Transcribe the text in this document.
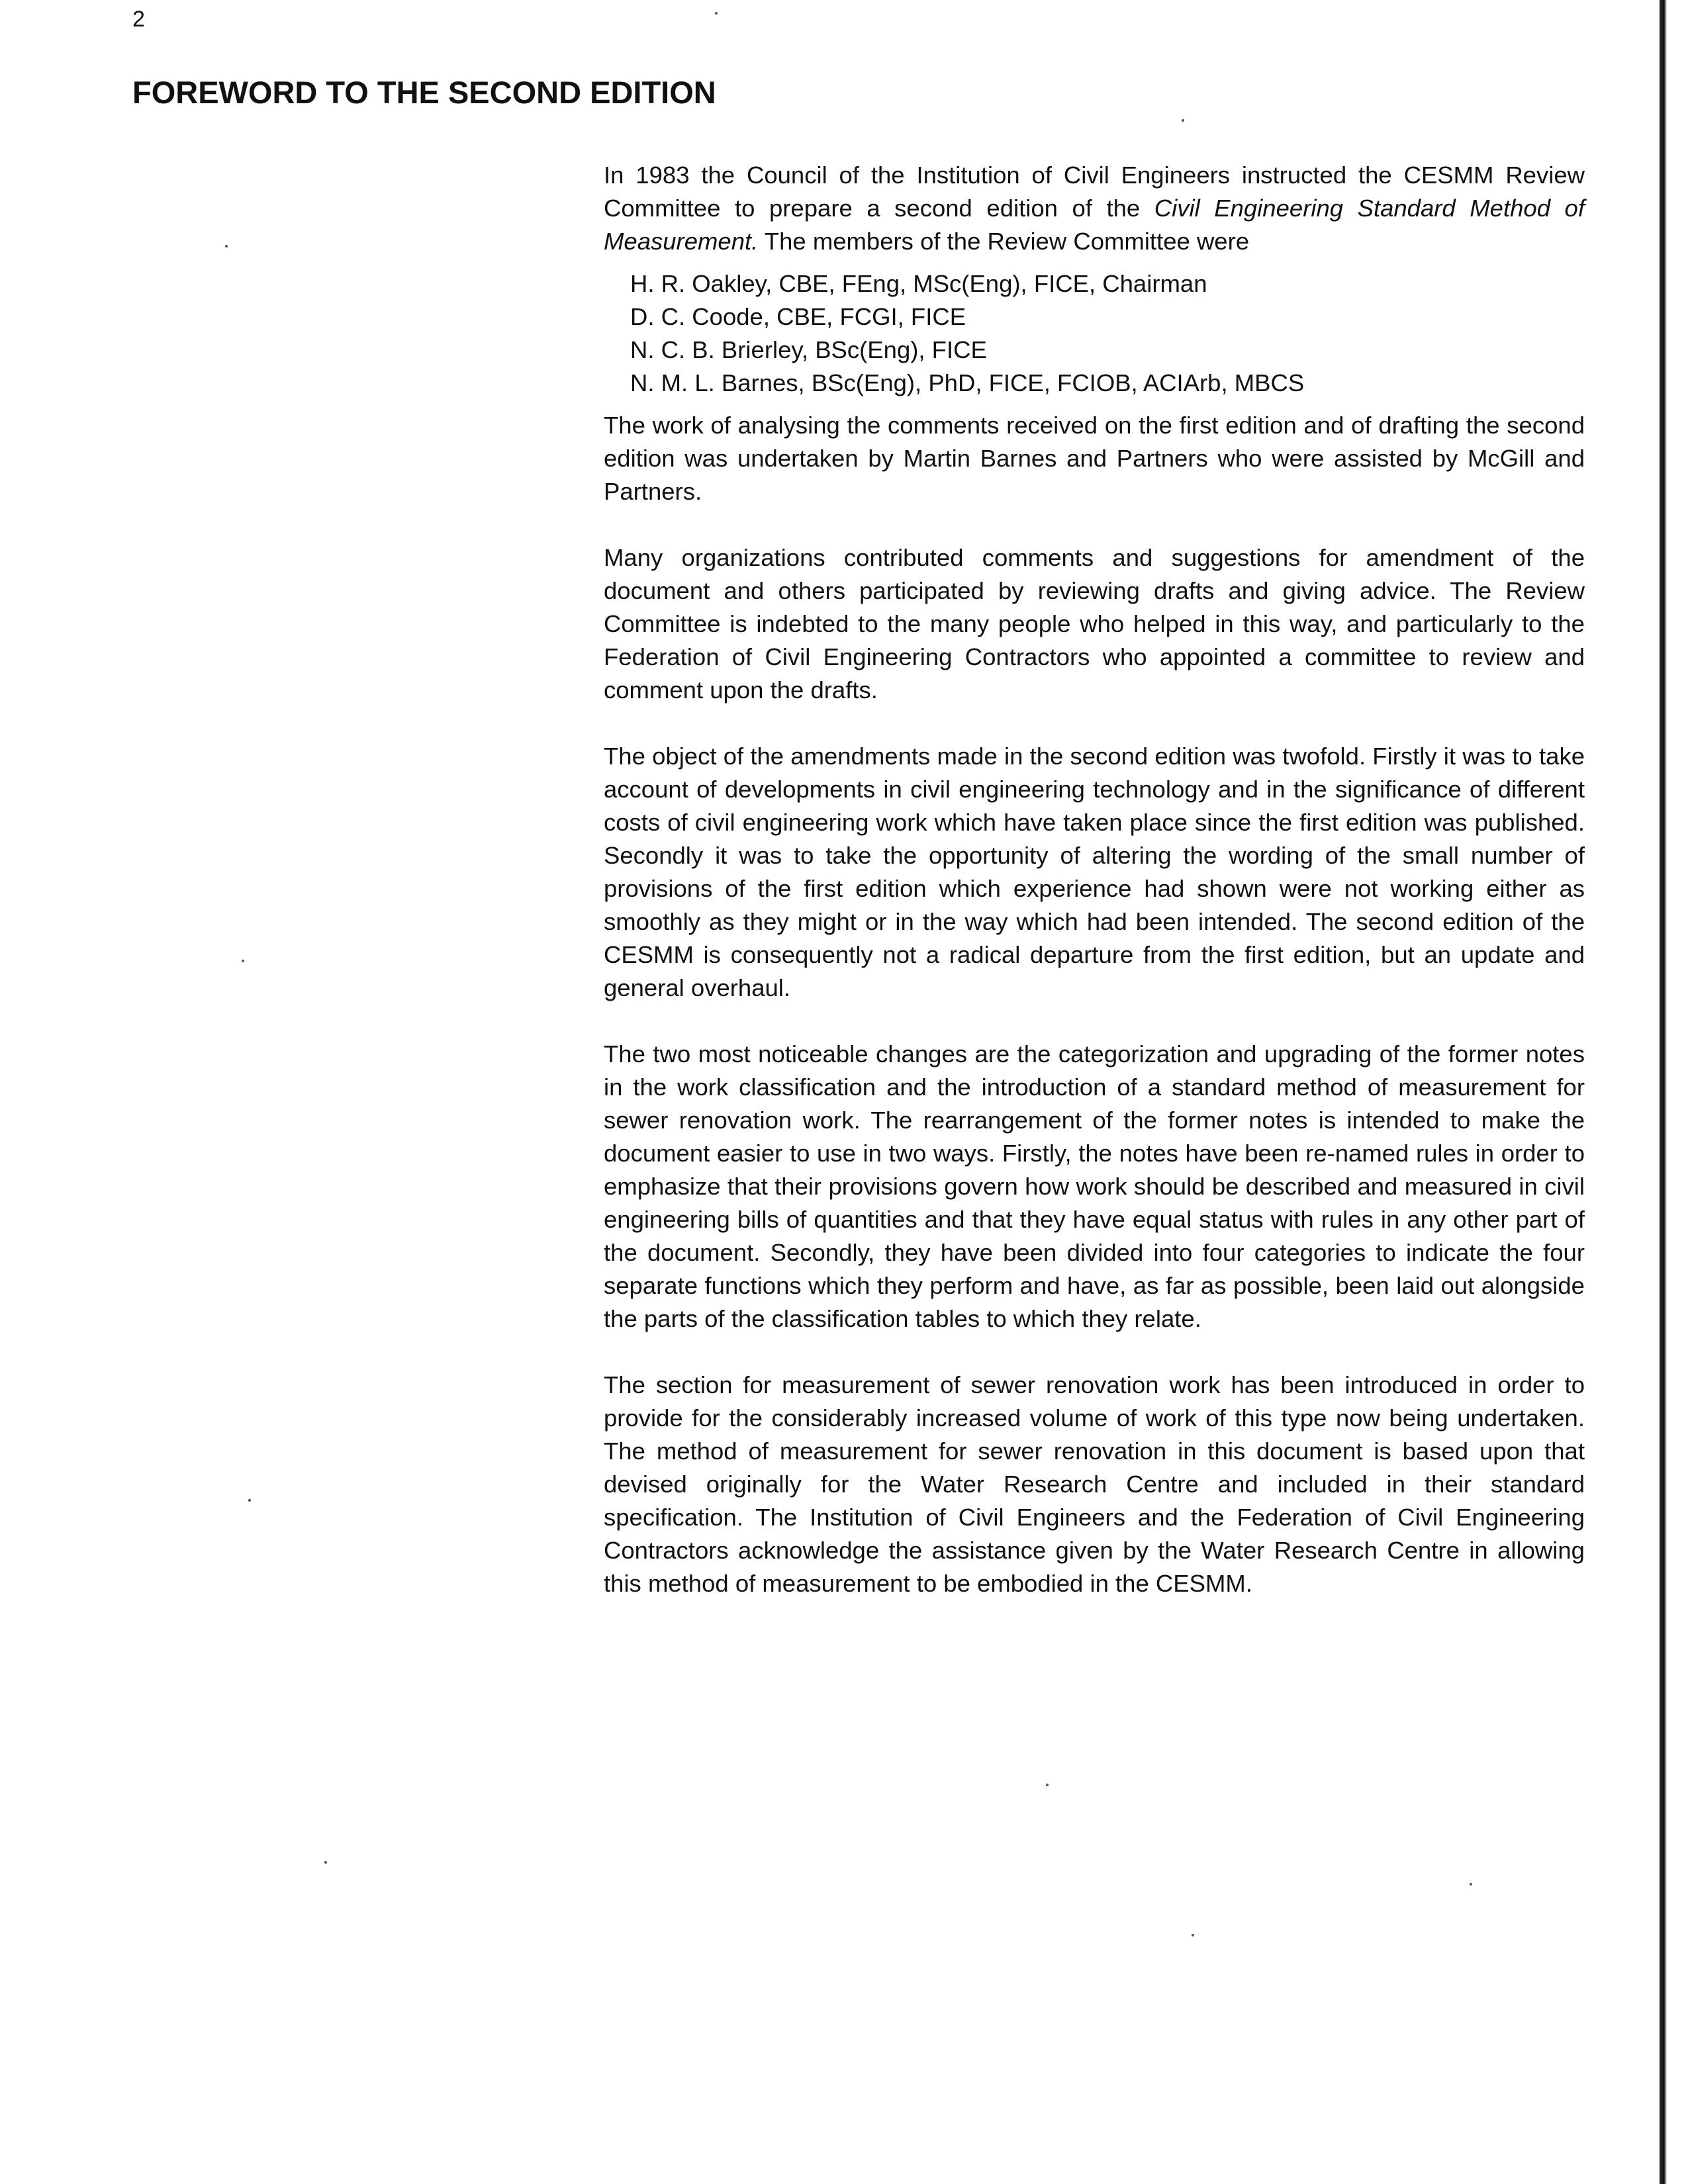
2
FOREWORD TO THE SECOND EDITION

In 1983 the Council of the Institution of Civil Engineers instructed the CESMM Review Committee to prepare a second edition of the Civil Engineering Standard Method of Measurement. The members of the Review Committee were

H. R. Oakley, CBE, FEng, MSc(Eng), FICE, Chairman
D. C. Coode, CBE, FCGI, FICE
N. C. B. Brierley, BSc(Eng), FICE
N. M. L. Barnes, BSc(Eng), PhD, FICE, FCIOB, ACIArb, MBCS

The work of analysing the comments received on the first edition and of drafting the second edition was undertaken by Martin Barnes and Partners who were assisted by McGill and Partners.

Many organizations contributed comments and suggestions for amendment of the document and others participated by reviewing drafts and giving advice. The Review Committee is indebted to the many people who helped in this way, and particularly to the Federation of Civil Engineering Contractors who appointed a committee to review and comment upon the drafts.

The object of the amendments made in the second edition was twofold. Firstly it was to take account of developments in civil engineering technology and in the significance of different costs of civil engineering work which have taken place since the first edition was published. Secondly it was to take the opportunity of altering the wording of the small number of provisions of the first edition which experience had shown were not working either as smoothly as they might or in the way which had been intended. The second edition of the CESMM is consequently not a radical departure from the first edition, but an update and general overhaul.

The two most noticeable changes are the categorization and upgrading of the former notes in the work classification and the introduction of a standard method of measurement for sewer renovation work. The rearrangement of the former notes is intended to make the document easier to use in two ways. Firstly, the notes have been re-named rules in order to emphasize that their provisions govern how work should be described and measured in civil engineering bills of quantities and that they have equal status with rules in any other part of the document. Secondly, they have been divided into four categories to indicate the four separate functions which they perform and have, as far as possible, been laid out alongside the parts of the classification tables to which they relate.

The section for measurement of sewer renovation work has been introduced in order to provide for the considerably increased volume of work of this type now being undertaken. The method of measurement for sewer renovation in this document is based upon that devised originally for the Water Research Centre and included in their standard specification. The Institution of Civil Engineers and the Federation of Civil Engineering Contractors acknowledge the assistance given by the Water Research Centre in allowing this method of measurement to be embodied in the CESMM.
